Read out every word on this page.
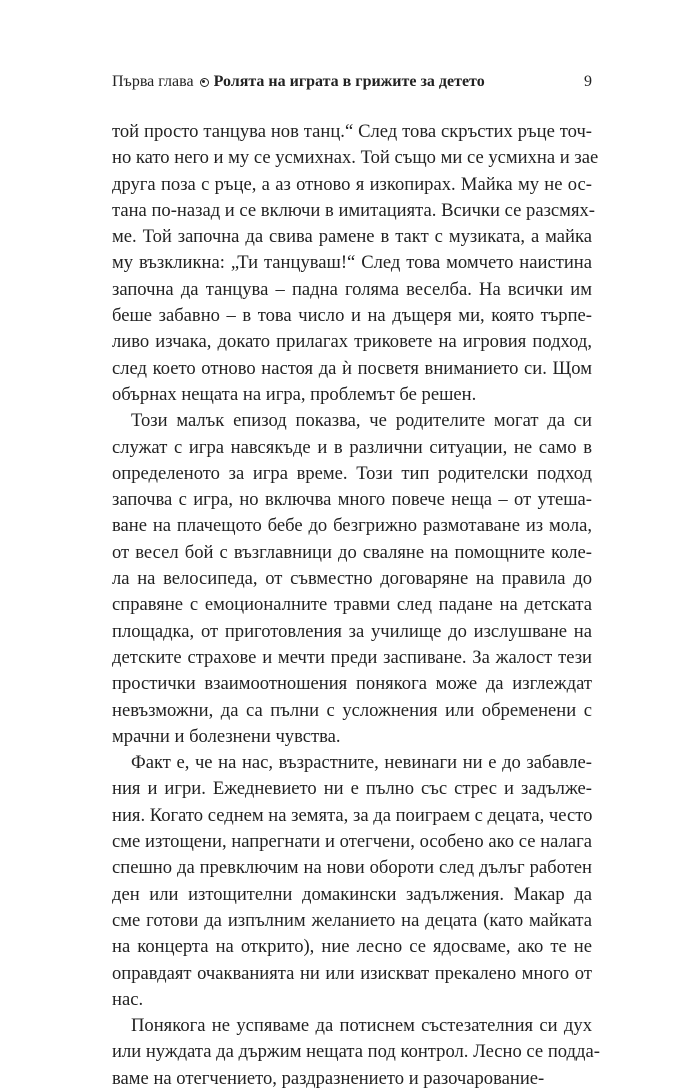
Първа глава Ролята на играта в грижите за детето	9
той просто танцува нов танц.“ След това скръстих ръце точ-
но като него и му се усмихнах. Той също ми се усмихна и зае
друга поза с ръце, а аз отново я изкопирах. Майка му не ос-
тана по-назад и се включи в имитацията. Всички се разсмях-
ме. Той започна да свива рамене в такт с музиката, а майка
му възкликна: „Ти танцуваш!“ След това момчето наистина
започна да танцува – падна голяма веселба. На всички им
беше забавно – в това число и на дъщеря ми, която търпе-
ливо изчака, докато прилагах триковете на игровия подход,
след което отново настоя да ѝ посветя вниманието си. Щом
обърнах нещата на игра, проблемът бе решен.
Този малък епизод показва, че родителите могат да си
служат с игра навсякъде и в различни ситуации, не само в
определеното за игра време. Този тип родителски подход
започва с игра, но включва много повече неща – от утеша-
ване на плачещото бебе до безгрижно размотаване из мола,
от весел бой с възглавници до сваляне на помощните коле-
ла на велосипеда, от съвместно договаряне на правила до
справяне с емоционалните травми след падане на детската
площадка, от приготовления за училище до изслушване на
детските страхове и мечти преди заспиване. За жалост тези
простички взаимоотношения понякога може да изглеждат
невъзможни, да са пълни с усложнения или обременени с
мрачни и болезнени чувства.
Факт е, че на нас, възрастните, невинаги ни е до забавле-
ния и игри. Ежедневието ни е пълно със стрес и задълже-
ния. Когато седнем на земята, за да поиграем с децата, често
сме изтощени, напрегнати и отегчени, особено ако се налага
спешно да превключим на нови обороти след дълъг работен
ден или изтощителни домакински задължения. Макар да
сме готови да изпълним желанието на децата (като майката
на концерта на открито), ние лесно се ядосваме, ако те не
оправдаят очакванията ни или изискват прекалено много от
нас.
Понякога не успяваме да потиснем състезателния си дух
или нуждата да държим нещата под контрол. Лесно се подда-
ваме на отегчението, раздразнението и разочарование-
